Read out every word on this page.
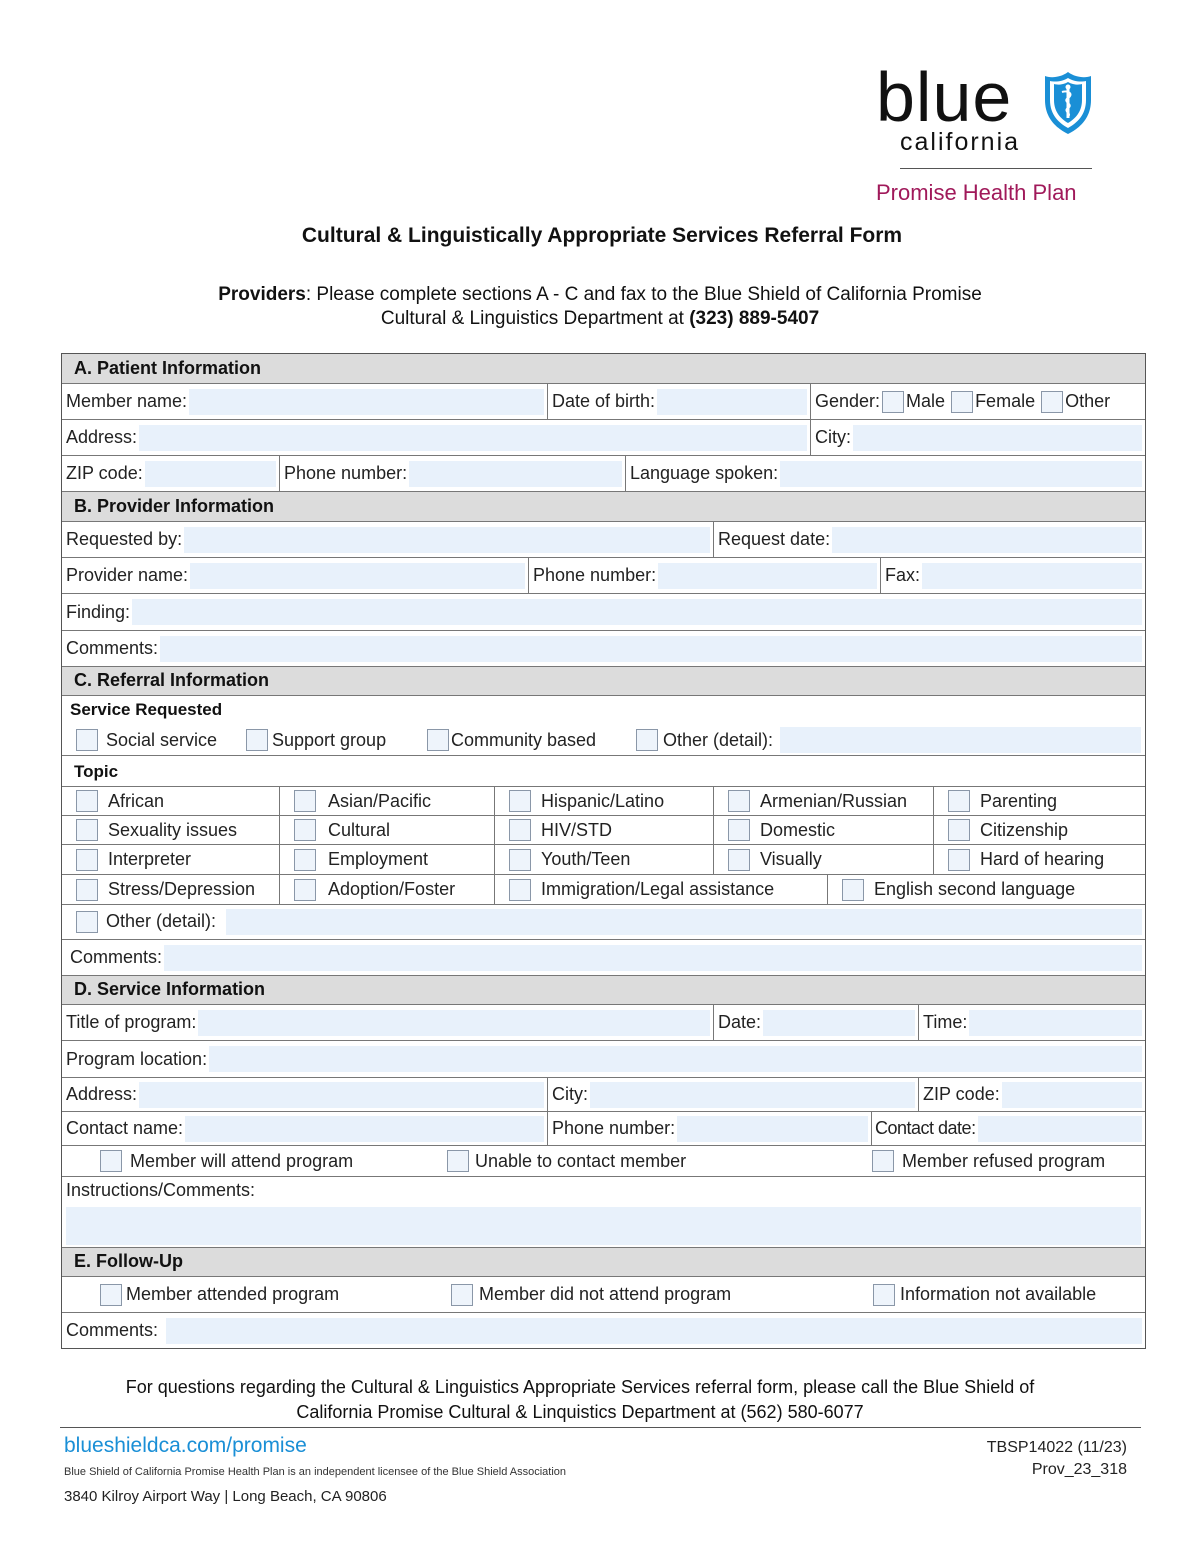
blue
california
Promise Health Plan
Cultural & Linguistically Appropriate Services Referral Form
Providers: Please complete sections A - C and fax to the Blue Shield of California Promise
Cultural & Linguistics Department at (323) 889-5407
A. Patient Information
Member name:	Date of birth:	Gender: Male Female Other
Address:	City:
ZIP code:	Phone number:	Language spoken:
B. Provider Information
Requested by:	Request date:
Provider name:	Phone number:	Fax:
Finding:
Comments:
C. Referral Information
Service Requested
Social service	Support group	Community based	Other (detail):
Topic
African	Asian/Pacific	Hispanic/Latino	Armenian/Russian	Parenting
Sexuality issues	Cultural	HIV/STD	Domestic	Citizenship
Interpreter	Employment	Youth/Teen	Visually	Hard of hearing
Stress/Depression	Adoption/Foster	Immigration/Legal assistance	English second language
Other (detail):
Comments:
D. Service Information
Title of program:	Date:	Time:
Program location:
Address:	City:	ZIP code:
Contact name:	Phone number:	Contact date:
Member will attend program	Unable to contact member	Member refused program
Instructions/Comments:
E. Follow-Up
Member attended program	Member did not attend program	Information not available
Comments:
For questions regarding the Cultural & Linguistics Appropriate Services referral form, please call the Blue Shield of
California Promise Cultural & Linquistics Department at (562) 580-6077
blueshieldca.com/promise
Blue Shield of California Promise Health Plan is an independent licensee of the Blue Shield Association
3840 Kilroy Airport Way | Long Beach, CA 90806
TBSP14022 (11/23)
Prov_23_318
